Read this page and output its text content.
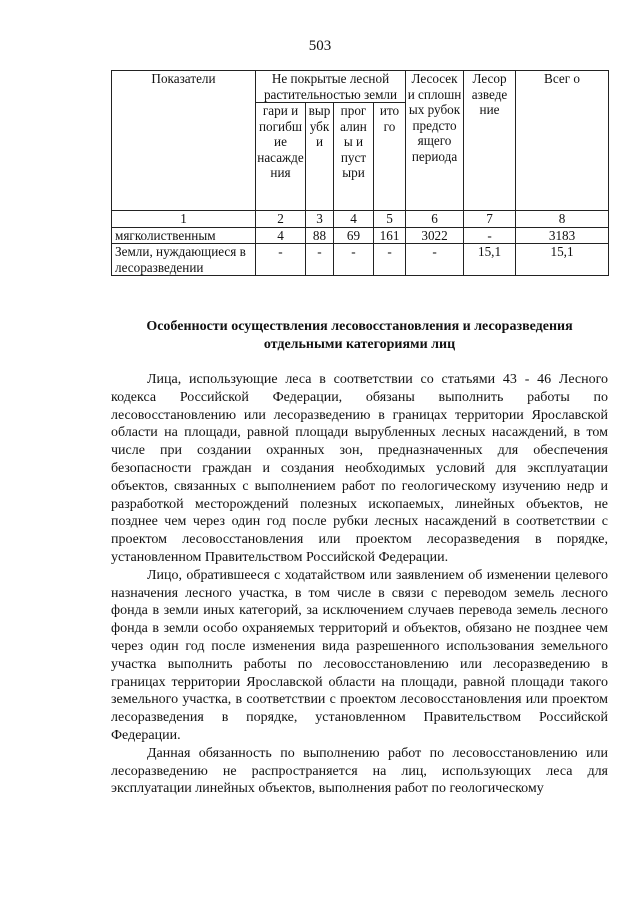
503
Показатели	Не покрытые лесной растительностью земли				Лесосек и сплошн ых рубок предсто ящего периода	Лесор азведе ние	Всег о
	гари и погибш ие насажде ния	выр убк и	прог алин ы и пуст ыри	ито го			
1	2	3	4	5	6	7	8
мягколиственным	4	88	69	161	3022	-	3183
Земли, нуждающиеся в лесоразведении	-	-	-	-	-	15,1	15,1
Особенности осуществления лесовосстановления и лесоразведения отдельными категориями лиц

Лица, использующие леса в соответствии со статьями 43 - 46 Лесного кодекса Российской Федерации, обязаны выполнить работы по лесовосстановлению или лесоразведению в границах территории Ярославской области на площади, равной площади вырубленных лесных насаждений, в том числе при создании охранных зон, предназначенных для обеспечения безопасности граждан и создания необходимых условий для эксплуатации объектов, связанных с выполнением работ по геологическому изучению недр и разработкой месторождений полезных ископаемых, линейных объектов, не позднее чем через один год после рубки лесных насаждений в соответствии с проектом лесовосстановления или проектом лесоразведения в порядке, установленном Правительством Российской Федерации.

Лицо, обратившееся с ходатайством или заявлением об изменении целевого назначения лесного участка, в том числе в связи с переводом земель лесного фонда в земли иных категорий, за исключением случаев перевода земель лесного фонда в земли особо охраняемых территорий и объектов, обязано не позднее чем через один год после изменения вида разрешенного использования земельного участка выполнить работы по лесовосстановлению или лесоразведению в границах территории Ярославской области на площади, равной площади такого земельного участка, в соответствии с проектом лесовосстановления или проектом лесоразведения в порядке, установленном Правительством Российской Федерации.

Данная обязанность по выполнению работ по лесовосстановлению или лесоразведению не распространяется на лиц, использующих леса для эксплуатации линейных объектов, выполнения работ по геологическому
